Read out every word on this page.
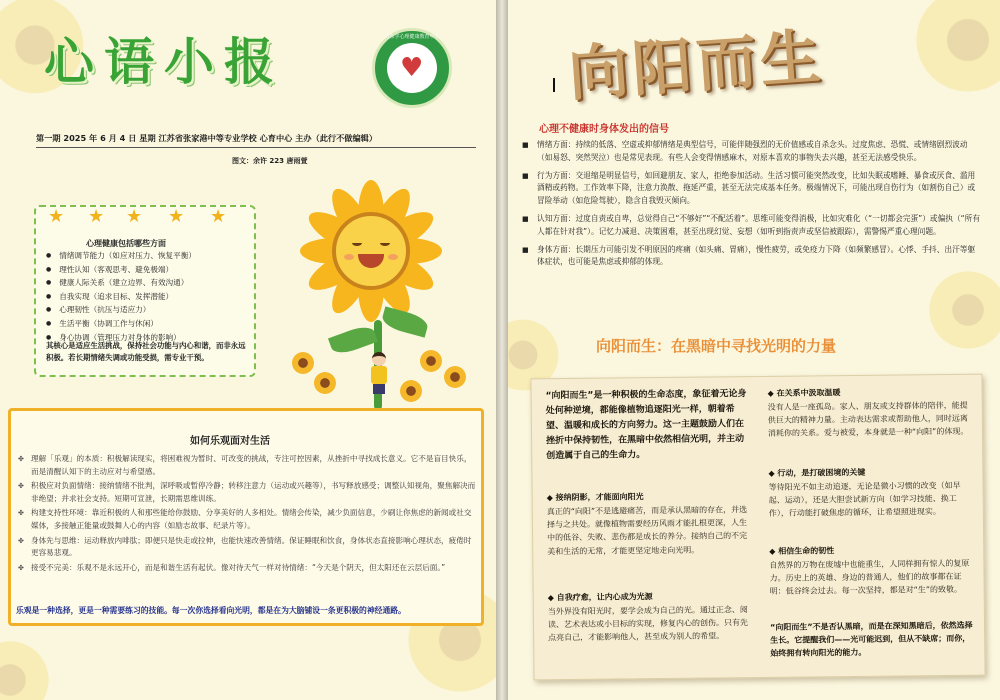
心语小报	启东学心理健康教育中心
♥
第一期 2025 年 6 月 4 日 星期 江苏省张家港中等专业学校 心育中心 主办（此行不做编辑）
图文：余许 223 唐雨萱
★ ★ ★ ★ ★
心理健康包括哪些方面
● 情绪调节能力（如应对压力、恢复平衡）
● 理性认知（客观思考、避免极端）
● 健康人际关系（建立边界、有效沟通）
● 自我实现（追求目标、发挥潜能）
● 心理韧性（抗压与适应力）
● 生活平衡（协调工作与休闲）
● 身心协调（管理压力对身体的影响）
其核心是适应生活挑战，保持社会功能与内心和谐，而非永远积极。若长期情绪失调或功能受损，需专业干预。
如何乐观面对生活
✤ 理解「乐观」的本质：积极解读现实，将困难视为暂时、可改变的挑战，专注可控因素，从挫折中寻找成长意义。它不是盲目快乐，而是清醒认知下的主动应对与希望感。
✤ 积极应对负面情绪：接纳情绪不批判，深呼吸或暂停冷静；转移注意力（运动或兴趣等），书写释放感受；调整认知视角，聚焦解决而非绝望；并求社会支持。短期可宣泄，长期需思维训练。
✤ 构建支持性环境：靠近积极的人和那些能给你鼓励、分享美好的人多相处。情绪会传染，减少负面信息，少刷让你焦虑的新闻或社交媒体，多接触正能量或鼓舞人心的内容（如励志故事、纪录片等）。
✤ 身体先与思维：运动释放内啡肽；即便只是快走或拉伸，也能快速改善情绪。保证睡眠和饮食，身体状态直接影响心理状态，疲倦时更容易悲观。
✤ 接受不完美：乐观不是永远开心，而是和谐生活有起伏。像对待天气一样对待情绪：“今天是个阴天，但太阳还在云层后面。”
乐观是一种选择，更是一种需要练习的技能。每一次你选择看向光明，都是在为大脑铺设一条更积极的神经通路。
向阳而生
心理不健康时身体发出的信号
■ 情绪方面：持续的低落、空虚或抑郁情绪是典型信号，可能伴随强烈的无价值感或自杀念头。过度焦虑、恐慌、或情绪剧烈波动（如易怒、突然哭泣）也是常见表现。有些人会变得情感麻木，对原本喜欢的事物失去兴趣，甚至无法感受快乐。
■ 行为方面：交退缩是明显信号，如回避朋友、家人，拒绝参加活动。生活习惯可能突然改变，比如失眠或嗜睡、暴食或厌食、滥用酒精或药物。工作效率下降，注意力涣散、拖延严重，甚至无法完成基本任务。极端情况下，可能出现自伤行为（如割伤自己）或冒险举动（如危险驾驶），隐含自我毁灭倾向。
■ 认知方面：过度自责或自卑，总觉得自己“不够好”“不配活着”。思维可能变得消极，比如灾难化（“一切都会完蛋”）或偏执（“所有人都在针对我”）。记忆力减退、决策困难，甚至出现幻觉、妄想（如听到指责声或坚信被跟踪），需警惕严重心理问题。
■ 身体方面：长期压力可能引发不明原因的疼痛（如头痛、胃痛），慢性疲劳，或免疫力下降（如频繁感冒）。心悸、手抖、出汗等躯体症状，也可能是焦虑或抑郁的体现。
向阳而生：在黑暗中寻找光明的力量
“向阳而生”是一种积极的生命态度，象征着无论身处何种逆境，都能像植物追逐阳光一样，朝着希望、温暖和成长的方向努力。这一主题鼓励人们在挫折中保持韧性，在黑暗中依然相信光明，并主动创造属于自己的生命力。
◆ 接纳阴影，才能面向阳光
真正的“向阳”不是逃避痛苦，而是承认黑暗的存在，并选择与之共处。就像植物需要经历风雨才能扎根更深，人生中的低谷、失败、悲伤都是成长的养分。接纳自己的不完美和生活的无常，才能更坚定地走向光明。
◆ 自我疗愈，让内心成为光源
当外界没有阳光时，要学会成为自己的光。通过正念、阅读、艺术表达或小目标的实现，修复内心的创伤。只有先点亮自己，才能影响他人，甚至成为别人的希望。
◆ 在关系中汲取温暖
没有人是一座孤岛。家人、朋友或支持群体的陪伴，能提供巨大的精神力量。主动表达需求或帮助他人，同时远离消耗你的关系。爱与被爱，本身就是一种“向阳”的体现。
◆ 行动，是打破困境的关键
等待阳光不如主动追逐，无论是微小习惯的改变（如早起、运动），还是大胆尝试新方向（如学习技能、换工作），行动能打破焦虑的循环，让希望照进现实。
◆ 相信生命的韧性
自然界的万物在废墟中也能重生，人同样拥有惊人的复原力。历史上的英雄、身边的普通人，他们的故事都在证明：低谷终会过去。每一次坚持，都是对“生”的致敬。
“向阳而生”不是否认黑暗，而是在深知黑暗后，依然选择生长。它提醒我们——光可能迟到，但从不缺席；而你，始终拥有转向阳光的能力。
